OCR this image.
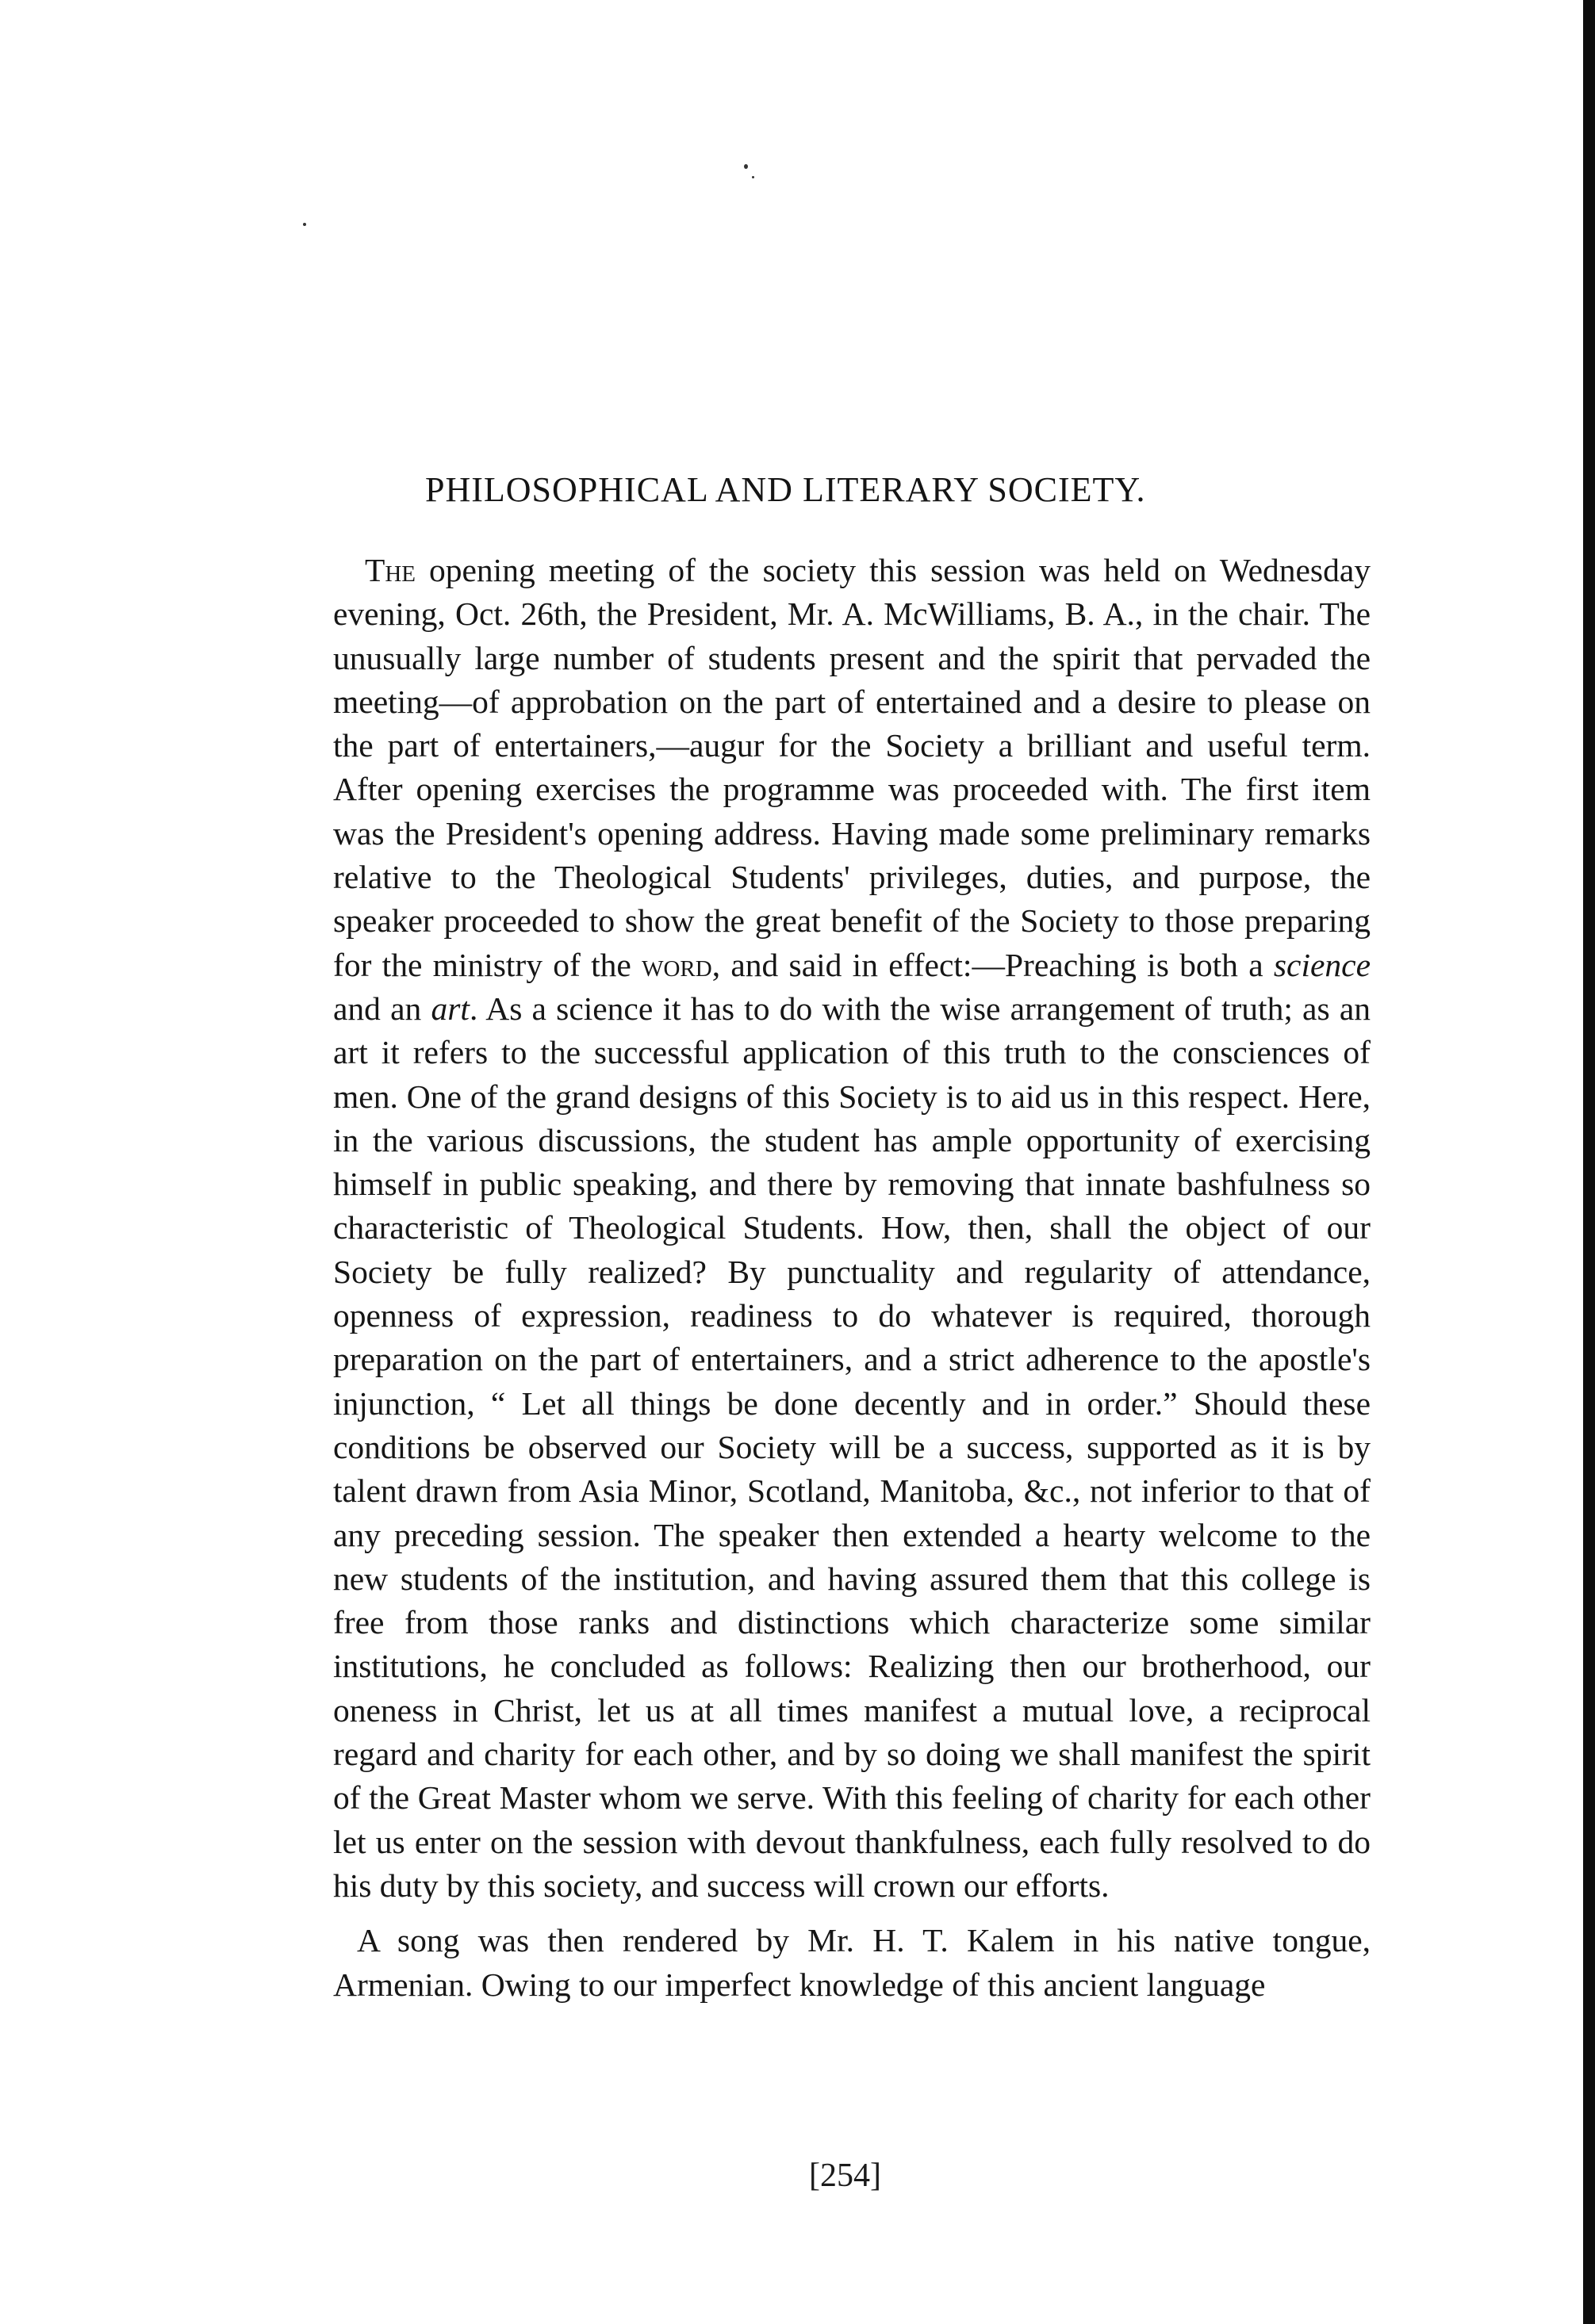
PHILOSOPHICAL AND LITERARY SOCIETY.

The opening meeting of the society this session was held on Wednesday evening, Oct. 26th, the President, Mr. A. McWilliams, B. A., in the chair. The unusually large number of students present and the spirit that pervaded the meeting—of approbation on the part of entertained and a desire to please on the part of entertainers,—augur for the Society a brilliant and useful term. After opening exercises the programme was proceeded with. The first item was the President's opening address. Having made some preliminary remarks relative to the Theological Students' privileges, duties, and purpose, the speaker proceeded to show the great benefit of the Society to those preparing for the ministry of the word, and said in effect:—Preaching is both a science and an art. As a science it has to do with the wise arrangement of truth; as an art it refers to the successful application of this truth to the consciences of men. One of the grand designs of this Society is to aid us in this respect. Here, in the various discussions, the student has ample opportunity of exercising himself in public speaking, and there by removing that innate bashfulness so characteristic of Theological Students. How, then, shall the object of our Society be fully realized? By punctuality and regularity of attendance, openness of expression, readiness to do whatever is required, thorough preparation on the part of entertainers, and a strict adherence to the apostle's injunction, “ Let all things be done decently and in order.” Should these conditions be observed our Society will be a success, supported as it is by talent drawn from Asia Minor, Scotland, Manitoba, &c., not inferior to that of any preceding session. The speaker then extended a hearty welcome to the new students of the institution, and having assured them that this college is free from those ranks and distinctions which characterize some similar institutions, he concluded as follows: Realizing then our brotherhood, our oneness in Christ, let us at all times manifest a mutual love, a reciprocal regard and charity for each other, and by so doing we shall manifest the spirit of the Great Master whom we serve. With this feeling of charity for each other let us enter on the session with devout thankfulness, each fully resolved to do his duty by this society, and success will crown our efforts.

A song was then rendered by Mr. H. T. Kalem in his native tongue, Armenian. Owing to our imperfect knowledge of this ancient language

[254]
